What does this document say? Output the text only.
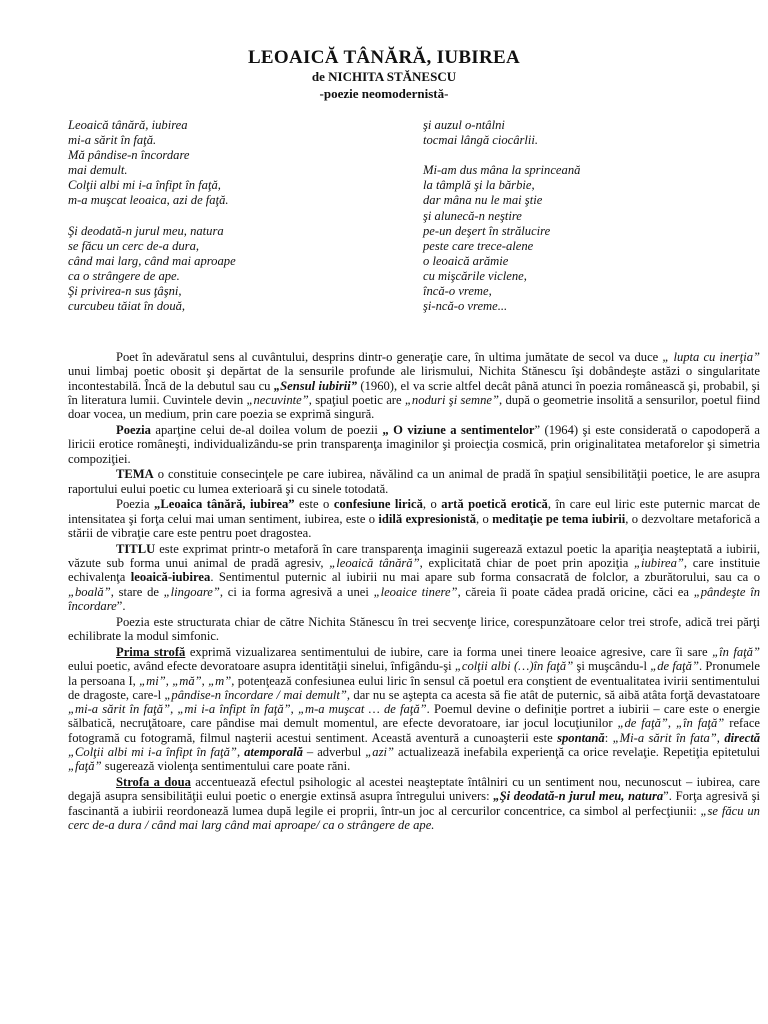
LEOAICĂ TÂNĂRĂ, IUBIREA
de NICHITA STĂNESCU
-poezie neomodernistă-
Leoaică tânără, iubirea
mi-a sărit în faţă.
Mă pândise-n încordare
mai demult.
Colţii albi mi i-a înfipt în faţă,
m-a muşcat leoaica, azi de faţă.
Şi deodată-n jurul meu, natura
se făcu un cerc de-a dura,
când mai larg, când mai aproape
ca o strângere de ape.
Şi privirea-n sus ţâşni,
curcubeu tăiat în două,
şi auzul o-ntâlni
tocmai lângă ciocârlii.
Mi-am dus mâna la sprinceană
la tâmplă şi la bărbie,
dar mâna nu le mai ştie
şi alunecă-n neştire
pe-un deşert în strălucire
peste care trece-alene
o leoaică arămie
cu mişcările viclene,
încă-o vreme,
şi-ncă-o vreme...

Poet în adevăratul sens al cuvântului, desprins dintr-o generaţie care, în ultima jumătate de secol va duce „ lupta cu inerţia” unui limbaj poetic obosit şi depărtat de la sensurile profunde ale lirismului, Nichita Stănescu îşi dobândeşte astăzi o singularitate incontestabilă. Încă de la debutul sau cu „Sensul iubirii” (1960), el va scrie altfel decât până atunci în poezia românească şi, probabil, şi în literatura lumii. Cuvintele devin „necuvinte”, spaţiul poetic are „noduri şi semne”, după o geometrie insolită a sensurilor, poetul fiind doar vocea, un medium, prin care poezia se exprimă singură.

Poezia aparţine celui de-al doilea volum de poezii „ O viziune a sentimentelor” (1964) şi este considerată o capodoperă a liricii erotice româneşti, individualizându-se prin transparenţa imaginilor şi proiecţia cosmică, prin originalitatea metaforelor şi simetria compoziţiei.

TEMA o constituie consecinţele pe care iubirea, năvălind ca un animal de pradă în spaţiul sensibilităţii poetice, le are asupra raportului eului poetic cu lumea exterioară şi cu sinele totodată.

Poezia „Leoaica tânără, iubirea” este o confesiune lirică, o artă poetică erotică, în care eul liric este puternic marcat de intensitatea şi forţa celui mai uman sentiment, iubirea, este o idilă expresionistă, o meditaţie pe tema iubirii, o dezvoltare metaforică a stării de vibraţie care este pentru poet dragostea.

TITLU este exprimat printr-o metaforă în care transparenţa imaginii sugerează extazul poetic la apariţia neaşteptată a iubirii, văzute sub forma unui animal de pradă agresiv, „leoaică tânără”, explicitată chiar de poet prin apoziţia „iubirea”, care instituie echivalenţa leoaică-iubirea. Sentimentul puternic al iubirii nu mai apare sub forma consacrată de folclor, a zburătorului, sau ca o „boală”, stare de „lingoare”, ci ia forma agresivă a unei „leoaice tinere”, căreia îi poate cădea pradă oricine, căci ea „pândeşte în încordare”.

Poezia este structurata chiar de către Nichita Stănescu în trei secvenţe lirice, corespunzătoare celor trei strofe, adică trei părţi echilibrate la modul simfonic.

Prima strofă exprimă vizualizarea sentimentului de iubire, care ia forma unei tinere leoaice agresive, care îi sare „în faţă” eului poetic, având efecte devoratoare asupra identităţii sinelui, înfigându-şi „colţii albi (…)în faţă” şi muşcându-l „de faţă”. Pronumele la persoana I, „mi”, „mă”, „m”, potenţează confesiunea eului liric în sensul că poetul era conştient de eventualitatea ivirii sentimentului de dragoste, care-l „pândise-n încordare / mai demult”, dar nu se aştepta ca acesta să fie atât de puternic, să aibă atâta forţă devastatoare „mi-a sărit în faţă”, „mi i-a înfipt în faţă”, „m-a muşcat … de faţă”. Poemul devine o definiţie portret a iubirii – care este o energie sălbatică, necruţătoare, care pândise mai demult momentul, are efecte devoratoare, iar jocul locuţiunilor „de faţă”, „în faţă” reface fotogramă cu fotogramă, filmul naşterii acestui sentiment. Această aventură a cunoaşterii este spontană: „Mi-a sărit în fata”, directă „Colţii albi mi i-a înfipt în faţă”, atemporală – adverbul „azi” actualizează inefabila experienţă ca orice revelaţie. Repetiţia epitetului „faţă” sugerează violenţa sentimentului care poate răni.

Strofa a doua accentuează efectul psihologic al acestei neaşteptate întâlniri cu un sentiment nou, necunoscut – iubirea, care degajă asupra sensibilităţii eului poetic o energie extinsă asupra întregului univers: „Şi deodată-n jurul meu, natura”. Forţa agresivă şi fascinantă a iubirii reordonează lumea după legile ei proprii, într-un joc al cercurilor concentrice, ca simbol al perfecţiunii: „se făcu un cerc de-a dura / când mai larg când mai aproape/ ca o strângere de ape.
